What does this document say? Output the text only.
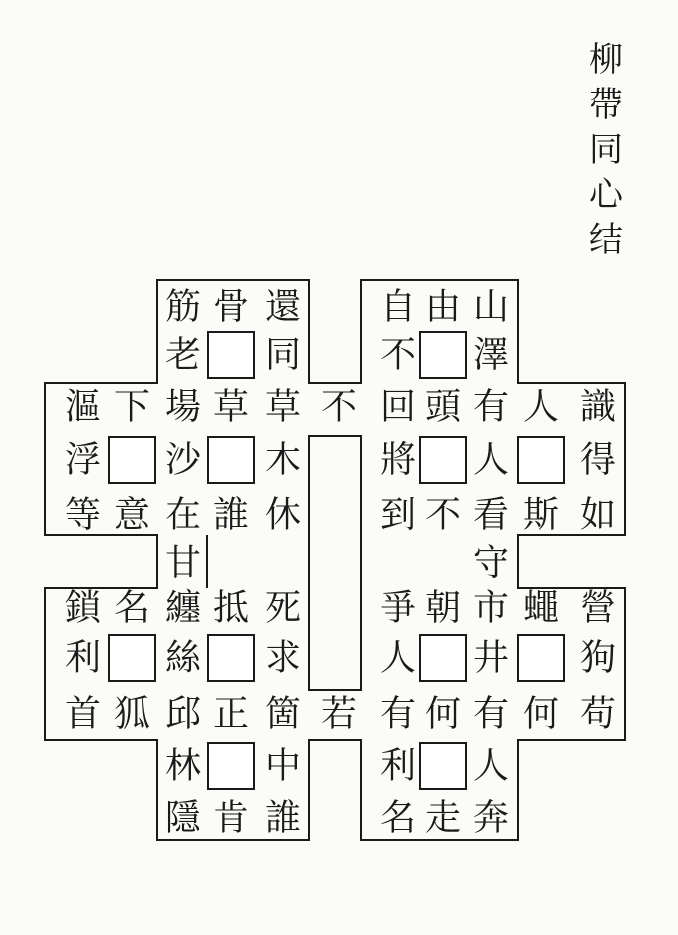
柳
帶
同
心
结
筋 骨 還 自 由 山
老 同 不 澤
漚 下 場 草 草 不 回 頭 有 人 識
浮 沙 木 將 人 得
等 意 在 誰 休 到 不 看 斯 如
甘	守
鎖 名 纏 抵 死 爭 朝 市 蠅 營
利 絲 求 人 井 狗
首 狐 邱 正 箇 若 有 何 有 何 苟
林 中 利 人
隱 肯 誰 名 走 奔
